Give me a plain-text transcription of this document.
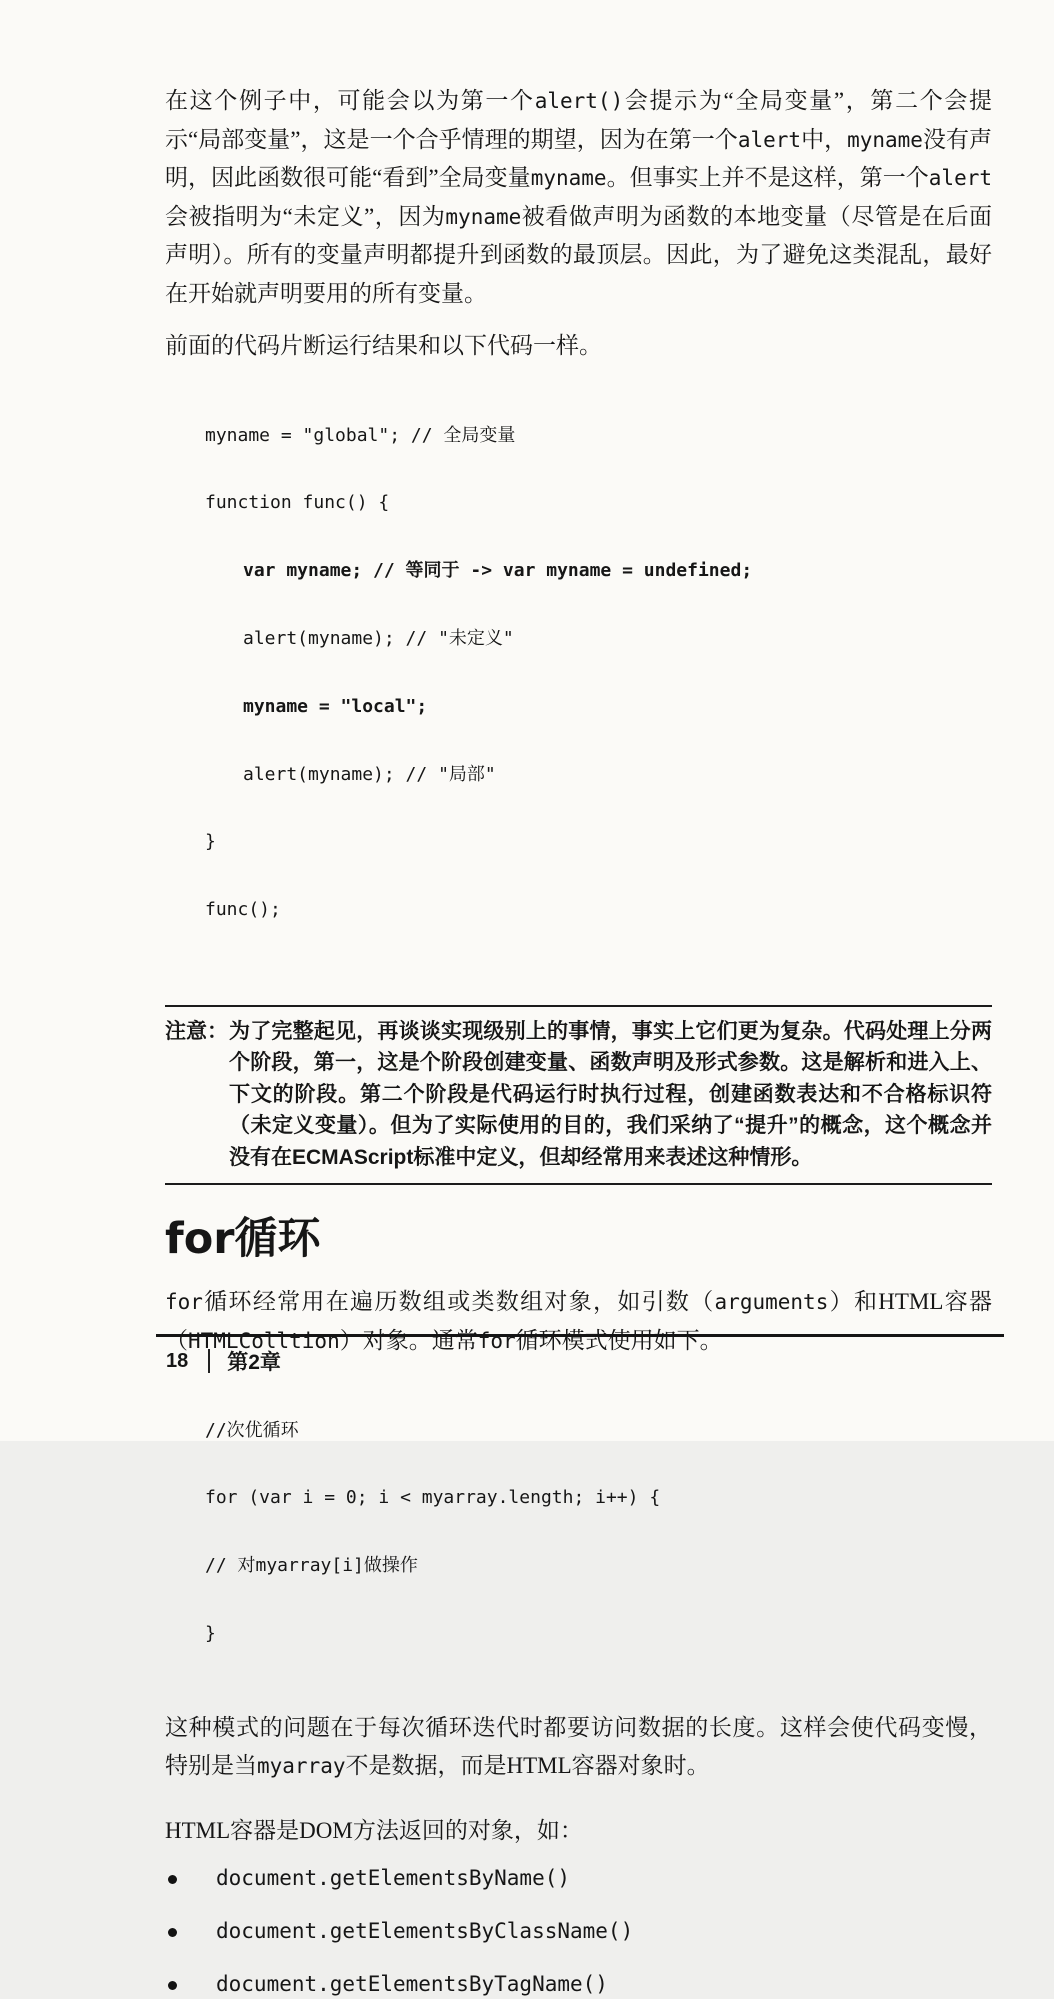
在这个例子中，可能会以为第一个alert()会提示为“全局变量”，第二个会提示“局部变量”，这是一个合乎情理的期望，因为在第一个alert中，myname没有声明，因此函数很可能“看到”全局变量myname。但事实上并不是这样，第一个alert会被指明为“未定义”，因为myname被看做声明为函数的本地变量（尽管是在后面声明）。所有的变量声明都提升到函数的最顶层。因此，为了避免这类混乱，最好在开始就声明要用的所有变量。

前面的代码片断运行结果和以下代码一样。

myname = "global"; // 全局变量

function func() {

var myname; // 等同于 -> var myname = undefined;

alert(myname); // "未定义"

myname = "local";

alert(myname); // "局部"

}

func();

注意： 为了完整起见，再谈谈实现级别上的事情，事实上它们更为复杂。代码处理上分两个阶段，第一，这是个阶段创建变量、函数声明及形式参数。这是解析和进入上、下文的阶段。第二个阶段是代码运行时执行过程，创建函数表达和不合格标识符（未定义变量）。但为了实际使用的目的，我们采纳了“提升”的概念，这个概念并没有在ECMAScript标准中定义，但却经常用来表述这种情形。
for循环

for循环经常用在遍历数组或类数组对象，如引数（arguments）和HTML容器（HTMLColltion）对象。通常for循环模式使用如下。

//次优循环

for (var i = 0; i < myarray.length; i++) {

// 对myarray[i]做操作

}

这种模式的问题在于每次循环迭代时都要访问数据的长度。这样会使代码变慢，特别是当myarray不是数据，而是HTML容器对象时。

HTML容器是DOM方法返回的对象，如：

document.getElementsByName()
document.getElementsByClassName()
document.getElementsByTagName()
18 第2章
